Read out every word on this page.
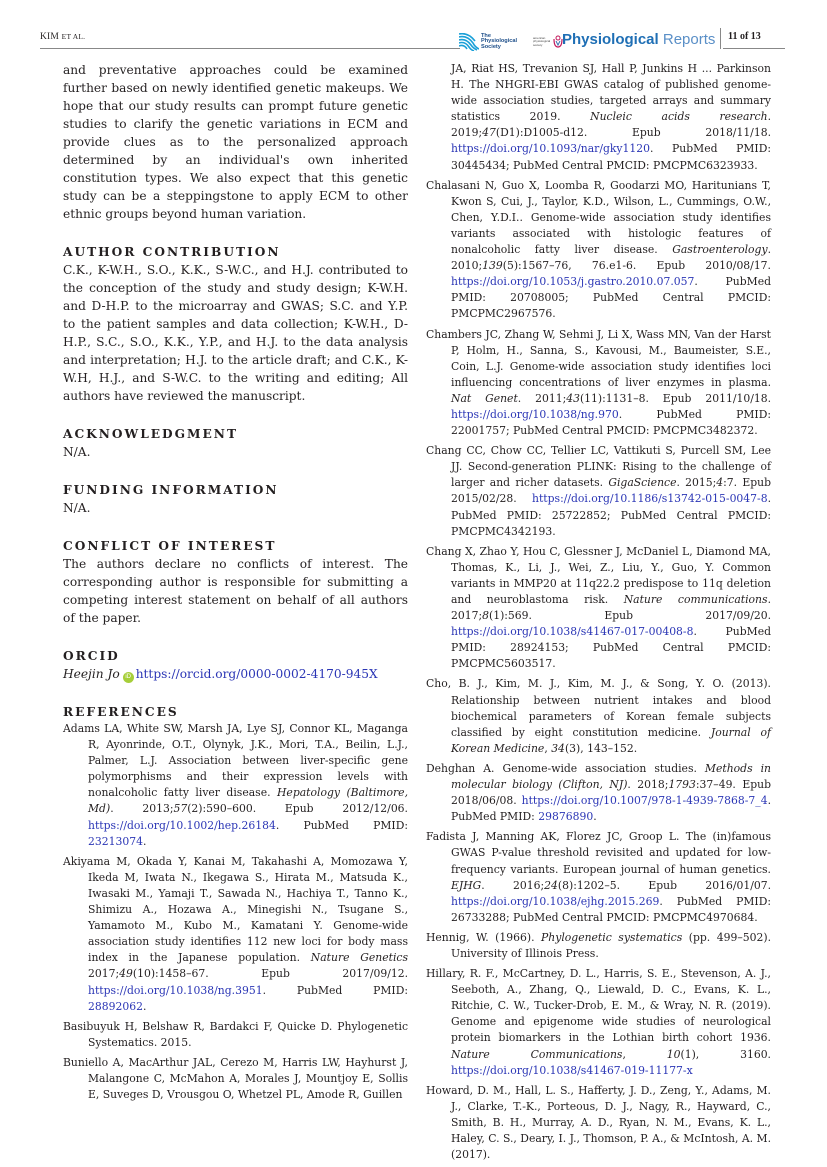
KIM ET AL.	The
Physiological
Society
american
physiological
society	Physiological Reports 11 of 13

and preventative approaches could be examined further based on newly identified genetic makeups. We hope that our study results can prompt future genetic studies to clarify the genetic variations in ECM and provide clues as to the personalized approach determined by an individual's own inherited constitution types. We also expect that this genetic study can be a steppingstone to apply ECM to other ethnic groups beyond human variation.

AUTHOR CONTRIBUTION

C.K., K-W.H., S.O., K.K., S-W.C., and H.J. contributed to the conception of the study and study design; K-W.H. and D-H.P. to the microarray and GWAS; S.C. and Y.P. to the patient samples and data collection; K-W.H., D-H.P., S.C., S.O., K.K., Y.P., and H.J. to the data analysis and interpretation; H.J. to the article draft; and C.K., K-W.H, H.J., and S-W.C. to the writing and editing; All authors have reviewed the manuscript.

ACKNOWLEDGMENT

N/A.

FUNDING INFORMATION

N/A.

CONFLICT OF INTEREST

The authors declare no conflicts of interest. The corresponding author is responsible for submitting a competing interest statement on behalf of all authors of the paper.

ORCID

Heejin Jo iD https://orcid.org/0000-0002-4170-945X

REFERENCES

Adams LA, White SW, Marsh JA, Lye SJ, Connor KL, Maganga R, Ayonrinde, O.T., Olynyk, J.K., Mori, T.A., Beilin, L.J., Palmer, L.J. Association between liver-specific gene polymorphisms and their expression levels with nonalcoholic fatty liver disease. Hepatology (Baltimore, Md). 2013;57(2):590–600. Epub 2012/12/06. https://doi.org/10.1002/hep.26184. PubMed PMID: 23213074.

Akiyama M, Okada Y, Kanai M, Takahashi A, Momozawa Y, Ikeda M, Iwata N., Ikegawa S., Hirata M., Matsuda K., Iwasaki M., Yamaji T., Sawada N., Hachiya T., Tanno K., Shimizu A., Hozawa A., Minegishi N., Tsugane S., Yamamoto M., Kubo M., Kamatani Y. Genome-wide association study identifies 112 new loci for body mass index in the Japanese population. Nature Genetics 2017;49(10):1458–67. Epub 2017/09/12. https://doi.org/10.1038/ng.3951. PubMed PMID: 28892062.

Basibuyuk H, Belshaw R, Bardakci F, Quicke D. Phylogenetic Systematics. 2015.

Buniello A, MacArthur JAL, Cerezo M, Harris LW, Hayhurst J, Malangone C, McMahon A, Morales J, Mountjoy E, Sollis E, Suveges D, Vrousgou O, Whetzel PL, Amode R, Guillen

JA, Riat HS, Trevanion SJ, Hall P, Junkins H ... Parkinson H. The NHGRI-EBI GWAS catalog of published genome-wide association studies, targeted arrays and summary statistics 2019. Nucleic acids research. 2019;47(D1):D1005-d12. Epub 2018/11/18. https://doi.org/10.1093/nar/gky1120. PubMed PMID: 30445434; PubMed Central PMCID: PMCPMC6323933.

Chalasani N, Guo X, Loomba R, Goodarzi MO, Haritunians T, Kwon S, Cui, J., Taylor, K.D., Wilson, L., Cummings, O.W., Chen, Y.D.I.. Genome-wide association study identifies variants associated with histologic features of nonalcoholic fatty liver disease. Gastroenterology. 2010;139(5):1567–76, 76.e1-6. Epub 2010/08/17. https://doi.org/10.1053/j.gastro.2010.07.057. PubMed PMID: 20708005; PubMed Central PMCID: PMCPMC2967576.

Chambers JC, Zhang W, Sehmi J, Li X, Wass MN, Van der Harst P, Holm, H., Sanna, S., Kavousi, M., Baumeister, S.E., Coin, L.J. Genome-wide association study identifies loci influencing concentrations of liver enzymes in plasma. Nat Genet. 2011;43(11):1131–8. Epub 2011/10/18. https://doi.org/10.1038/ng.970. PubMed PMID: 22001757; PubMed Central PMCID: PMCPMC3482372.

Chang CC, Chow CC, Tellier LC, Vattikuti S, Purcell SM, Lee JJ. Second-generation PLINK: Rising to the challenge of larger and richer datasets. GigaScience. 2015;4:7. Epub 2015/02/28. https://doi.org/10.1186/s13742-015-0047-8. PubMed PMID: 25722852; PubMed Central PMCID: PMCPMC4342193.

Chang X, Zhao Y, Hou C, Glessner J, McDaniel L, Diamond MA, Thomas, K., Li, J., Wei, Z., Liu, Y., Guo, Y. Common variants in MMP20 at 11q22.2 predispose to 11q deletion and neuroblastoma risk. Nature communications. 2017;8(1):569. Epub 2017/09/20. https://doi.org/10.1038/s41467-017-00408-8. PubMed PMID: 28924153; PubMed Central PMCID: PMCPMC5603517.

Cho, B. J., Kim, M. J., Kim, M. J., & Song, Y. O. (2013). Relationship between nutrient intakes and blood biochemical parameters of Korean female subjects classified by eight constitution medicine. Journal of Korean Medicine, 34(3), 143–152.

Dehghan A. Genome-wide association studies. Methods in molecular biology (Clifton, NJ). 2018;1793:37–49. Epub 2018/06/08. https://doi.org/10.1007/978-1-4939-7868-7_4. PubMed PMID: 29876890.

Fadista J, Manning AK, Florez JC, Groop L. The (in)famous GWAS P-value threshold revisited and updated for low-frequency variants. European journal of human genetics. EJHG. 2016;24(8):1202–5. Epub 2016/01/07. https://doi.org/10.1038/ejhg.2015.269. PubMed PMID: 26733288; PubMed Central PMCID: PMCPMC4970684.

Hennig, W. (1966). Phylogenetic systematics (pp. 499–502). University of Illinois Press.

Hillary, R. F., McCartney, D. L., Harris, S. E., Stevenson, A. J., Seeboth, A., Zhang, Q., Liewald, D. C., Evans, K. L., Ritchie, C. W., Tucker-Drob, E. M., & Wray, N. R. (2019). Genome and epigenome wide studies of neurological protein biomarkers in the Lothian birth cohort 1936. Nature Communications, 10(1), 3160. https://doi.org/10.1038/s41467-019-11177-x

Howard, D. M., Hall, L. S., Hafferty, J. D., Zeng, Y., Adams, M. J., Clarke, T.-K., Porteous, D. J., Nagy, R., Hayward, C., Smith, B. H., Murray, A. D., Ryan, N. M., Evans, K. L., Haley, C. S., Deary, I. J., Thomson, P. A., & McIntosh, A. M. (2017).
